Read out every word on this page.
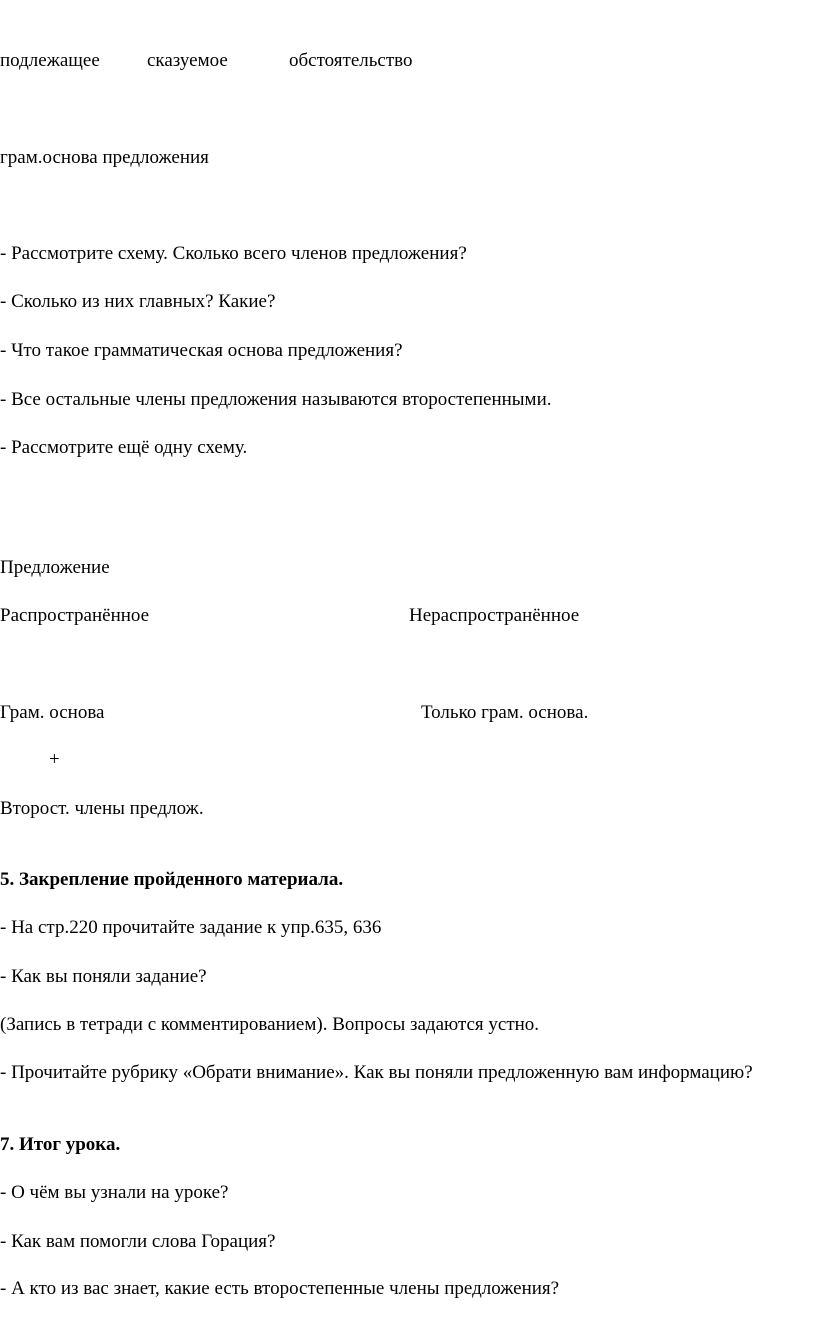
подлежащее сказуемое	обстоятельство
грам.основа предложения
- Рассмотрите схему. Сколько всего членов предложения?
- Сколько из них главных? Какие?
- Что такое грамматическая основа предложения?
- Все остальные члены предложения называются второстепенными.
- Рассмотрите ещё одну схему.
Предложение
Распространённое	Нераспространённое
Грам. основа	Только грам. основа.
+
Второст. члены предлож.
5. Закрепление пройденного материала.
- На стр.220 прочитайте задание к упр.635, 636
- Как вы поняли задание?
(Запись в тетради с комментированием). Вопросы задаются устно.
- Прочитайте рубрику «Обрати внимание». Как вы поняли предложенную вам информацию?
7. Итог урока.
- О чём вы узнали на уроке?
- Как вам помогли слова Горация?
- А кто из вас знает, какие есть второстепенные члены предложения?
